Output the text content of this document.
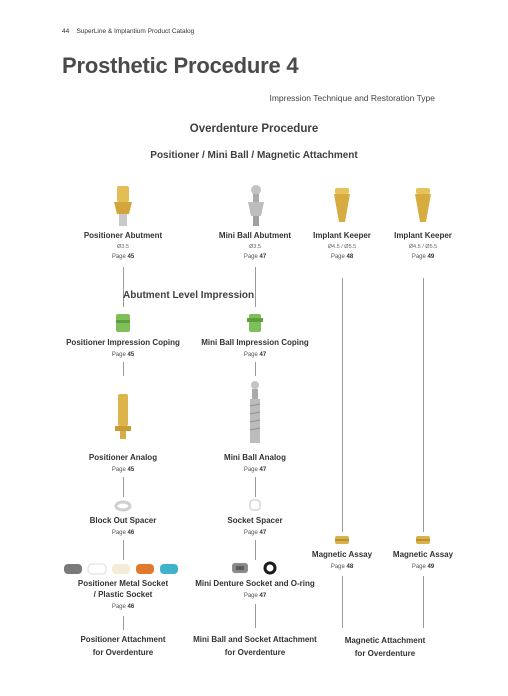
44 SuperLine & Implantium Product Catalog
Prosthetic Procedure 4
Impression Technique and Restoration Type
Overdenture Procedure
Positioner / Mini Ball / Magnetic Attachment
Positioner Abutment
Ø3.5
Page 45
Mini Ball Abutment
Ø3.5
Page 47
Implant Keeper
Ø4.5 / Ø5.5
Page 48
Implant Keeper
Ø4.5 / Ø5.5
Page 49
Abutment Level Impression
Positioner Impression Coping
Page 45
Mini Ball Impression Coping
Page 47
Positioner Analog
Page 45
Mini Ball Analog
Page 47
Block Out Spacer
Page 46
Socket Spacer
Page 47
Magnetic Assay
Page 48
Magnetic Assay
Page 49
Positioner Metal Socket
/ Plastic Socket
Page 46
Mini Denture Socket and O-ring
Page 47
Positioner Attachment
for Overdenture
Mini Ball and Socket Attachment
for Overdenture
Magnetic Attachment
for Overdenture
